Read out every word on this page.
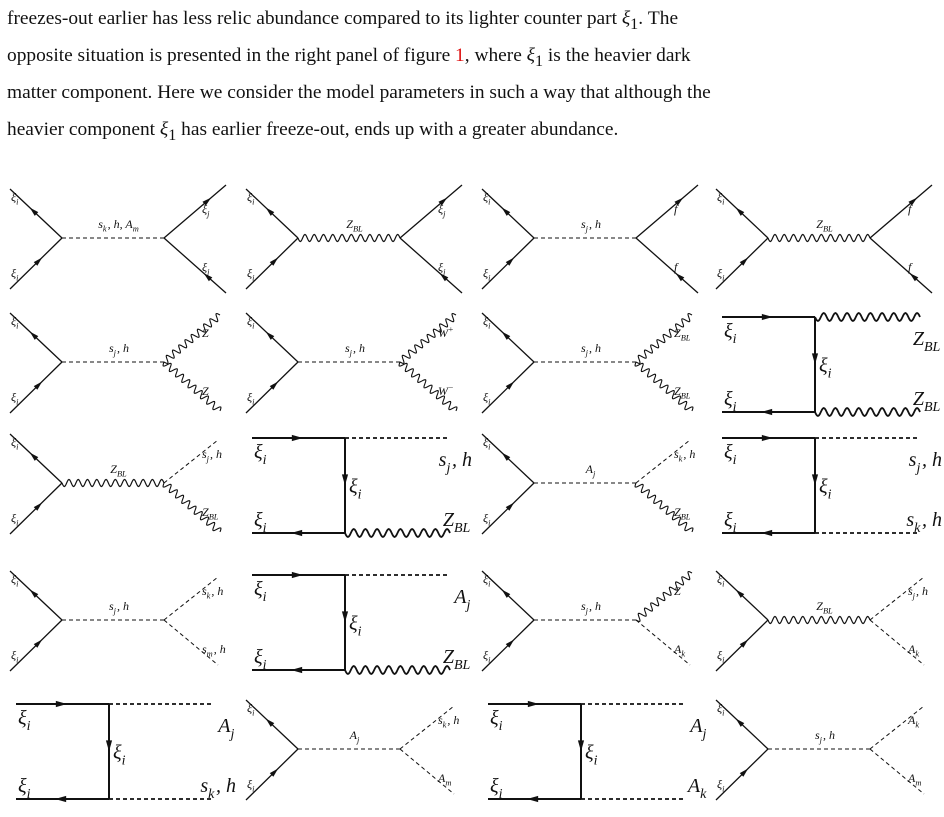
freezes-out earlier has less relic abundance compared to its lighter counter part $\xi_1$. The
opposite situation is presented in the right panel of figure 1, where $\xi_1$ is the heavier dark
matter component. Here we consider the model parameters in such a way that although the
heavier component $\xi_1$ has earlier freeze-out, ends up with a greater abundance.
$\xi_i$ 
$\xi_i$ 
$s_k$ , h, $A_m$ 
$\xi_j$ 
$\xi_j$ 
$\xi_i$ 
$\xi_i$ 
$Z_{BL}$ 
$\xi_j$ 
$\xi_j$ 
$\xi_i$ 
$\xi_i$ 
$s_j$ , h
f
f
$\xi_i$ 
$\xi_i$ 
$Z_{BL}$ 
f
f
$\xi_i$ 
$\xi_i$ 
$s_j$ , h
Z
Z
$\xi_i$ 
$\xi_i$ 
$s_j$ , h
W+ 
W− 
$\xi_i$ 
$\xi_i$ 
$s_j$ , h
$Z_{BL}$ 
$Z_{BL}$ 
$\xi_i$ 
$\xi_i$ 
$\xi_i$ 
$Z_{BL}$ 
$Z_{BL}$ 
$\xi_i$ 
$\xi_i$ 
$Z_{BL}$ 
$s_j$ , h
$Z_{BL}$ 
$\xi_i$ 
$\xi_i$ 
$\xi_i$ 
$s_j$ , h
$Z_{BL}$ 
$\xi_i$ 
$\xi_i$ 
$A_j$ 
$s_k$ , h
$Z_{BL}$ 
$\xi_i$ 
$\xi_i$ 
$\xi_i$ 
$s_j$ , h
$s_k$ , h
$\xi_i$ 
$\xi_i$ 
$s_j$ , h
$s_k$ , h
$s_m$ , h
$\xi_i$ 
$\xi_i$ 
$\xi_i$ 
$A_j$ 
$Z_{BL}$ 
$\xi_i$ 
$\xi_i$ 
$s_j$ , h
Z
$A_k$ 
$\xi_i$ 
$\xi_i$ 
$Z_{BL}$ 
$s_j$ , h
$A_k$ 
$\xi_i$ 
$\xi_i$ 
$\xi_i$ 
$A_j$ 
$s_k$ , h
$\xi_i$ 
$\xi_i$ 
$A_j$ 
$s_k$ , h
$A_m$ 
$\xi_i$ 
$\xi_i$ 
$\xi_i$ 
$A_j$ 
$A_k$ 
$\xi_i$ 
$\xi_i$ 
$s_j$ , h
$A_k$ 
$A_m$ 
